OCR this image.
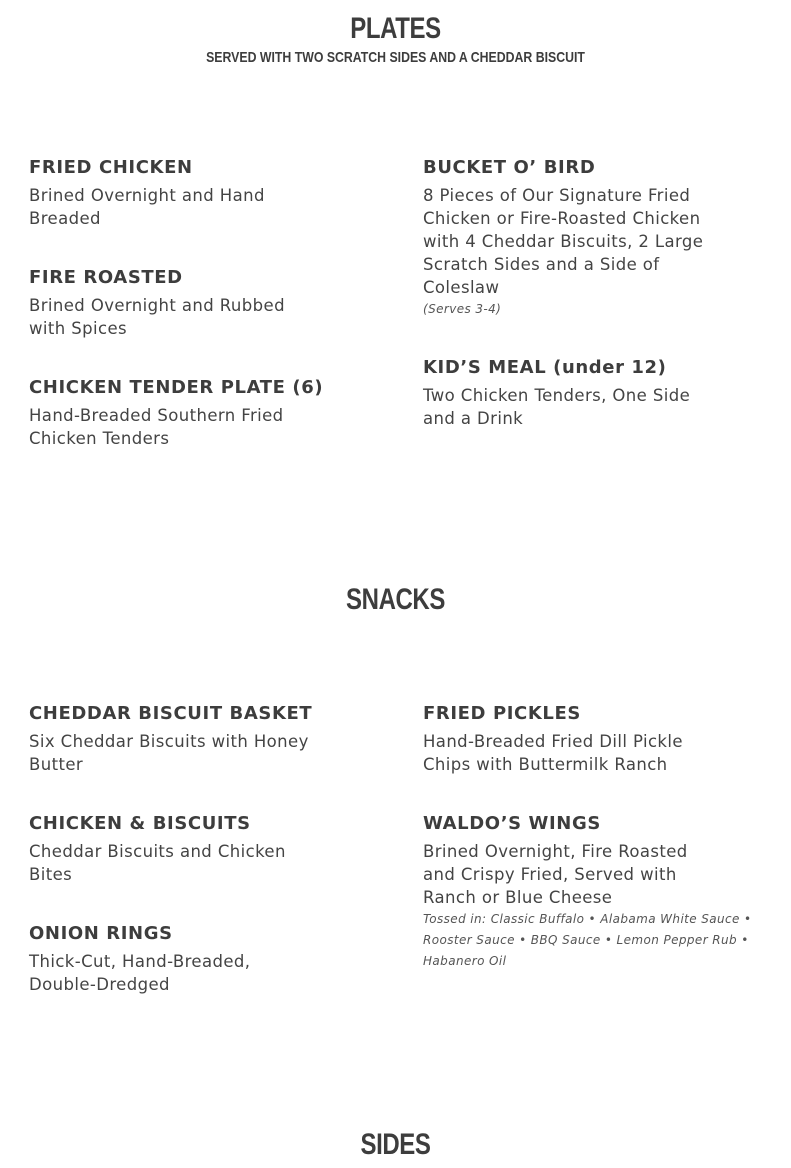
PLATES
SERVED WITH TWO SCRATCH SIDES AND A CHEDDAR BISCUIT
FRIED CHICKEN
Brined Overnight and Hand Breaded
FIRE ROASTED
Brined Overnight and Rubbed with Spices
CHICKEN TENDER PLATE (6)
Hand-Breaded Southern Fried Chicken Tenders
BUCKET O’ BIRD
8 Pieces of Our Signature Fried Chicken or Fire-Roasted Chicken with 4 Cheddar Biscuits, 2 Large Scratch Sides and a Side of Coleslaw
(Serves 3-4)
KID’S MEAL (under 12)
Two Chicken Tenders, One Side and a Drink
SNACKS
CHEDDAR BISCUIT BASKET
Six Cheddar Biscuits with Honey Butter
CHICKEN & BISCUITS
Cheddar Biscuits and Chicken Bites
ONION RINGS
Thick-Cut, Hand-Breaded, Double-Dredged
FRIED PICKLES
Hand-Breaded Fried Dill Pickle Chips with Buttermilk Ranch
WALDO’S WINGS
Brined Overnight, Fire Roasted and Crispy Fried, Served with Ranch or Blue Cheese
Tossed in: Classic Buffalo • Alabama White Sauce • Rooster Sauce • BBQ Sauce • Lemon Pepper Rub • Habanero Oil
SIDES
